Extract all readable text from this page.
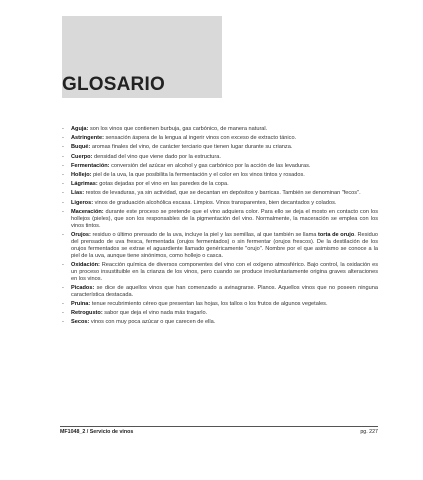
GLOSARIO
- Aguja: son los vinos que contienen burbuja, gas carbónico, de manera natural.
- Astringente: sensación áspera de la lengua al ingerir vinos con exceso de extracto tánico.
- Buqué: aromas finales del vino, de carácter terciario que tienen lugar durante su crianza.
- Cuerpo: densidad del vino que viene dado por la estructura.
- Fermentación: conversión del azúcar en alcohol y gas carbónico por la acción de las levaduras.
- Hollejo: piel de la uva, la que posibilita la fermentación y el color en los vinos tintos y rosados.
- Lágrimas: gotas dejadas por el vino en las paredes de la copa.
- Lías: restos de levaduras, ya sin actividad, que se decantan en depósitos y barricas. También se denominan "fecos".
- Ligeros: vinos de graduación alcohólica escasa. Limpios. Vinos transparentes, bien decantados y colados.
- Maceración: durante este proceso se pretende que el vino adquiera color. Para ello se deja el mosto en contacto con los hollejos (pieles), que son los responsables de la pigmentación del vino. Normalmente, la maceración se emplea con los vinos tintos.
- Orujos: residuo o último prensado de la uva, incluye la piel y las semillas, al que también se llama torta de orujo. Residuo del prensado de uva fresca, fermentada (orujos fermentados) o sin fermentar (orujos frescos). De la destilación de los orujos fermentados se extrae el aguardiente llamado genéricamente "orujo". Nombre por el que asimismo se conoce a la piel de la uva, aunque tiene sinónimos, como hollejo o casca.
- Oxidación: Reacción química de diversos componentes del vino con el oxígeno atmosférico. Bajo control, la oxidación es un proceso insustituible en la crianza de los vinos, pero cuando se produce involuntariamente origina graves alteraciones en los vinos.
- Picados: se dice de aquellos vinos que han comenzado a avinagrarse. Planos. Aquellos vinos que no poseen ninguna característica destacada.
- Pruina: tenue recubrimiento céreo que presentan las hojas, los tallos o los frutos de algunos vegetales.
- Retrogusto: sabor que deja el vino nada más tragarlo.
- Secos: vinos con muy poca azúcar o que carecen de ella.
MF1048_2 / Servicio de vinos	pg. 227
